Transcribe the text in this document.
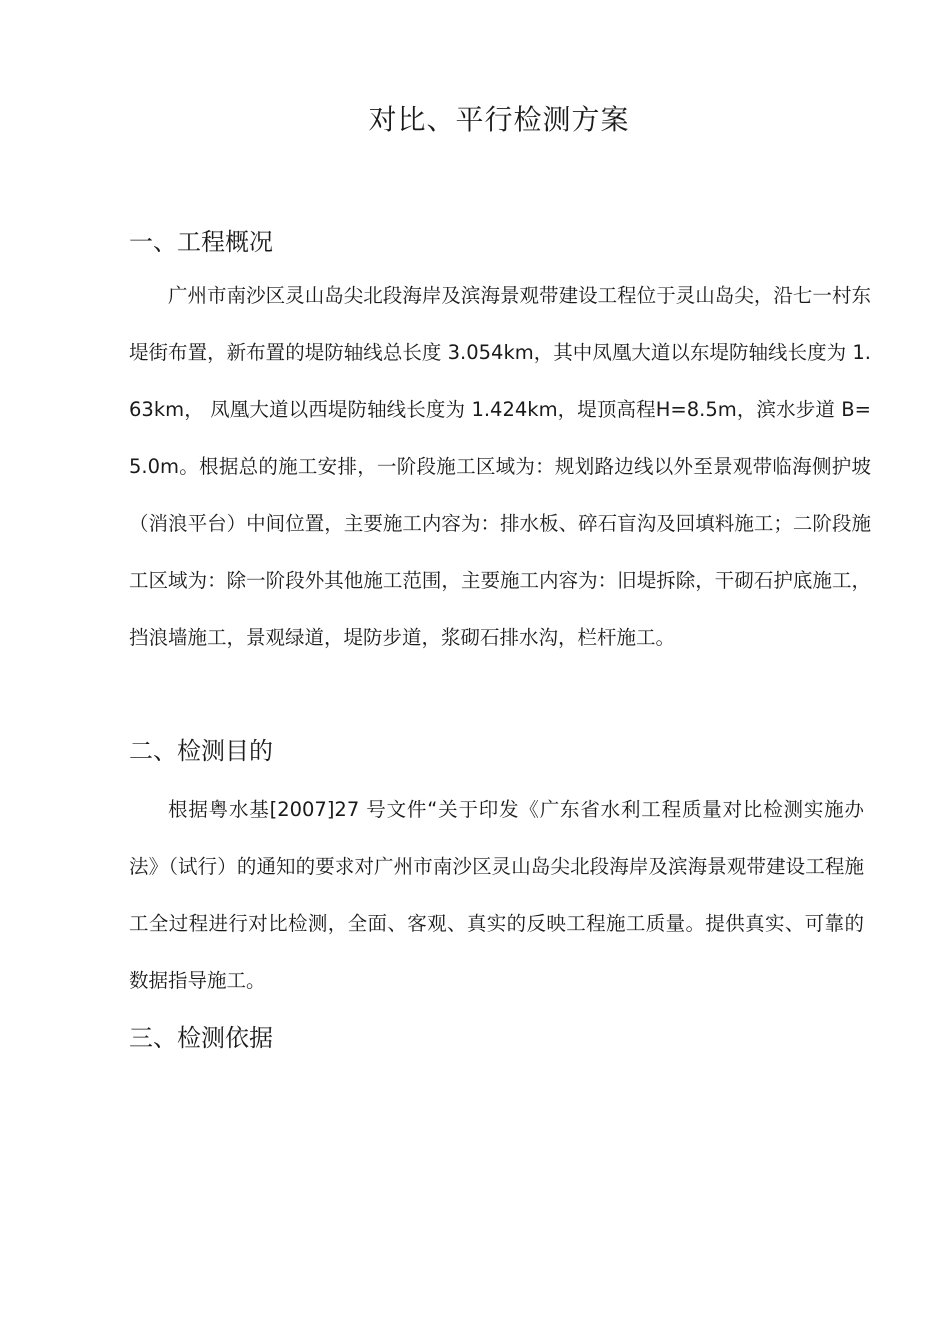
对比、平行检测方案
一、工程概况

广州市南沙区灵山岛尖北段海岸及滨海景观带建设工程位于灵山岛尖，沿七一村东堤街布置，新布置的堤防轴线总长度 3.054km，其中凤凰大道以东堤防轴线长度为 1.63km， 凤凰大道以西堤防轴线长度为 1.424km，堤顶高程H=8.5m，滨水步道 B=5.0m。根据总的施工安排，一阶段施工区域为：规划路边线以外至景观带临海侧护坡（消浪平台）中间位置，主要施工内容为：排水板、碎石盲沟及回填料施工；二阶段施工区域为：除一阶段外其他施工范围，主要施工内容为：旧堤拆除，干砌石护底施工，挡浪墙施工，景观绿道，堤防步道，浆砌石排水沟，栏杆施工。

二、检测目的

根据粤水基[2007]27 号文件“关于印发《广东省水利工程质量对比检测实施办法》（试行）的通知的要求对广州市南沙区灵山岛尖北段海岸及滨海景观带建设工程施工全过程进行对比检测，全面、客观、真实的反映工程施工质量。提供真实、可靠的数据指导施工。

三、检测依据
